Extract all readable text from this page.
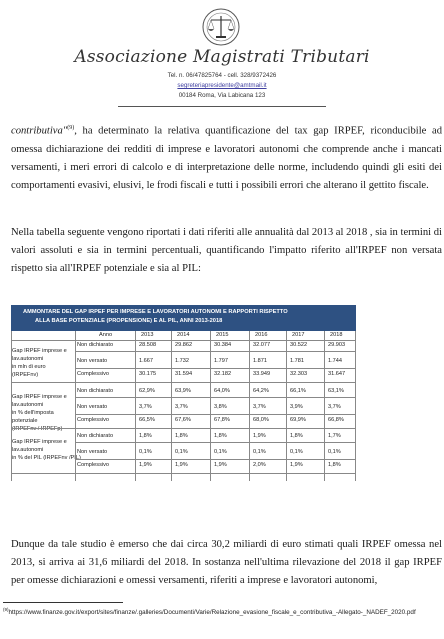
Associazione Magistrati Tributari
Tel. n. 06/47825764 - cell. 328/9372426
segreteriapresidente@amtmail.it
00184 Roma, Via Labicana 123
contributiva"$^{(9)}$, ha determinato la relativa quantificazione del tax gap IRPEF, riconducibile ad omessa dichiarazione dei redditi di imprese e lavoratori autonomi che comprende anche i mancati versamenti, i meri errori di calcolo e di interpretazione delle norme, includendo quindi gli esiti dei comportamenti evasivi, elusivi, le frodi fiscali e tutti i possibili errori che alterano il gettito fiscale.
Nella tabella seguente vengono riportati i dati riferiti alle annualità dal 2013 al 2018 , sia in termini di valori assoluti e sia in termini percentuali, quantificando l'impatto riferito all'IRPEF non versata rispetto sia all'IRPEF potenziale e sia al PIL:
AMMONTARE DEL GAP IRPEF PER IMPRESE E LAVORATORI AUTONOMI E RAPPORTI RISPETTO
ALLA BASE POTENZIALE (PROPENSIONE) E AL PIL, ANNI 2013-2018
Anno	2013	2014	2015	2016	2017	2018
Gap IRPEF imprese e
lav.autonomi
in mln di euro
(IRPEFnv)
Non dichiarato	28.508	29.862	30.384	32.077	30.522	29.903
Non versato	1.667	1.732	1.797	1.871	1.781	1.744
Complessivo	30.175	31.594	32.182	33.949	32.303	31.647
Gap IRPEF imprese e
lav.autonomi
in % dell'imposta
potenziale
(IRPEFnv / IRPEFp)
Non dichiarato	62,9%	63,9%	64,0%	64,2%	66,1%	63,1%
Non versato	3,7%	3,7%	3,8%	3,7%	3,9%	3,7%
Complessivo	66,5%	67,6%	67,8%	68,0%	69,9%	66,8%
Gap IRPEF imprese e
lav.autonomi
in % del PIL (IRPEFnv /PIL)
Non dichiarato	1,8%	1,8%	1,8%	1,9%	1,8%	1,7%
Non versato	0,1%	0,1%	0,1%	0,1%	0,1%	0,1%
Complessivo	1,9%	1,9%	1,9%	2,0%	1,9%	1,8%
Dunque da tale studio è emerso che dai circa 30,2 miliardi di euro stimati quali IRPEF omessa nel 2013, si arriva ai 31,6 miliardi del 2018. In sostanza nell'ultima rilevazione del 2018 il gap IRPEF per omesse dichiarazioni e omessi versamenti, riferiti a imprese e lavoratori autonomi,
$^{(9)}$https://www.finanze.gov.it/export/sites/finanze/.galleries/Documenti/Varie/Relazione_evasione_fiscale_e_contributiva_-Allegato-_NADEF_2020.pdf
